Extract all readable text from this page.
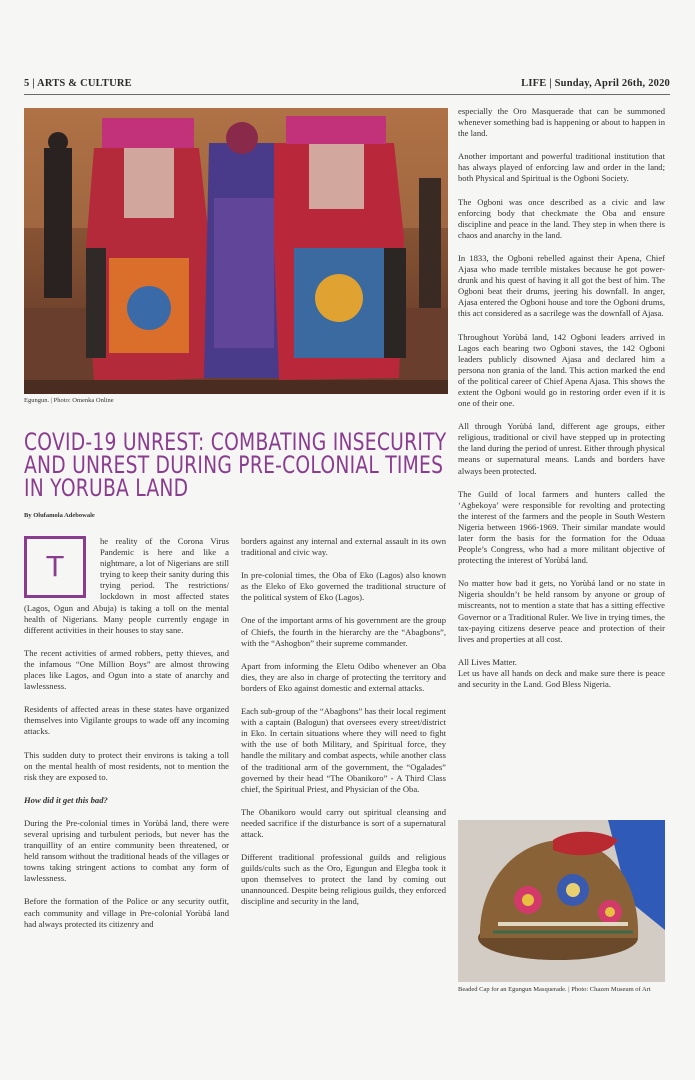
5 | ARTS & CULTURE	LIFE | Sunday, April 26th, 2020
Egungun. | Photo: Omenka Online
COVID-19 UNREST: COMBATING INSECURITY AND UNREST DURING PRE-COLONIAL TIMES IN YORUBA LAND
By Olufamola Adebowale
T
he reality of the Corona Virus Pandemic is here and like a nightmare, a lot of Nigerians are still trying to keep their sanity during this trying period. The restrictions/ lockdown in most affected states (Lagos, Ogun and Abuja) is taking a toll on the mental health of Nigerians. Many people currently engage in different activities in their houses to stay sane.

The recent activities of armed robbers, petty thieves, and the infamous “One Million Boys” are almost throwing places like Lagos, and Ogun into a state of anarchy and lawlessness.

Residents of affected areas in these states have organized themselves into Vigilante groups to wade off any incoming attacks.

This sudden duty to protect their environs is taking a toll on the mental health of most residents, not to mention the risk they are exposed to.

How did it get this bad?

During the Pre-colonial times in Yorùbá land, there were several uprising and turbulent periods, but never has the tranquillity of an entire community been threatened, or held ransom without the traditional heads of the villages or towns taking stringent actions to combat any form of lawlessness.

Before the formation of the Police or any security outfit, each community and village in Pre-colonial Yorùbá land had always protected its citizenry and

borders against any internal and external assault in its own traditional and civic way.

In pre-colonial times, the Oba of Eko (Lagos) also known as the Eleko of Eko governed the traditional structure of the political system of Eko (Lagos).

One of the important arms of his government are the group of Chiefs, the fourth in the hierarchy are the “Abagbons”, with the “Ashogbon” their supreme commander.

Apart from informing the Eletu Odibo whenever an Oba dies, they are also in charge of protecting the territory and borders of Eko against domestic and external attacks.

Each sub-group of the “Abagbons” has their local regiment with a captain (Balogun) that oversees every street/district in Eko. In certain situations where they will need to fight with the use of both Military, and Spiritual force, they handle the military and combat aspects, while another class of the traditional arm of the government, the “Ogalades” governed by their head “The Obanikoro” - A Third Class chief, the Spiritual Priest, and Physician of the Oba.

The Obanikoro would carry out spiritual cleansing and needed sacrifice if the disturbance is sort of a supernatural attack.

Different traditional professional guilds and religious guilds/cults such as the Oro, Egungun and Elegba took it upon themselves to protect the land by coming out unannounced. Despite being religious guilds, they enforced discipline and security in the land,

especially the Oro Masquerade that can be summoned whenever something bad is happening or about to happen in the land.

Another important and powerful traditional institution that has always played of enforcing law and order in the land; both Physical and Spiritual is the Ogboni Society.

The Ogboni was once described as a civic and law enforcing body that checkmate the Oba and ensure discipline and peace in the land. They step in when there is chaos and anarchy in the land.

In 1833, the Ogboni rebelled against their Apena, Chief Ajasa who made terrible mistakes because he got power-drunk and his quest of having it all got the best of him. The Ogboni beat their drums, jeering his downfall. In anger, Ajasa entered the Ogboni house and tore the Ogboni drums, this act considered as a sacrilege was the downfall of Ajasa.

Throughout Yorùbá land, 142 Ogboni leaders arrived in Lagos each bearing two Ogboni staves, the 142 Ogboni leaders publicly disowned Ajasa and declared him a persona non grania of the land. This action marked the end of the political career of Chief Apena Ajasa. This shows the extent the Ogboni would go in restoring order even if it is one of their one.

All through Yorùbá land, different age groups, either religious, traditional or civil have stepped up in protecting the land during the period of unrest. Either through physical means or supernatural means. Lands and borders have always been protected.

The Guild of local farmers and hunters called the ‘Agbekoya’ were responsible for revolting and protecting the interest of the farmers and the people in South Western Nigeria between 1966-1969. Their similar mandate would later form the basis for the formation for the Oduaa People’s Congress, who had a more militant objective of protecting the interest of Yorùbá land.

No matter how bad it gets, no Yorùbá land or no state in Nigeria shouldn’t be held ransom by anyone or group of miscreants, not to mention a state that has a sitting effective Governor or a Traditional Ruler. We live in trying times, the tax-paying citizens deserve peace and protection of their lives and properties at all cost.

All Lives Matter.

Let us have all hands on deck and make sure there is peace and security in the Land. God Bless Nigeria.

Beaded Cap for an Egungun Masquerade. | Photo: Chazen Museum of Art
